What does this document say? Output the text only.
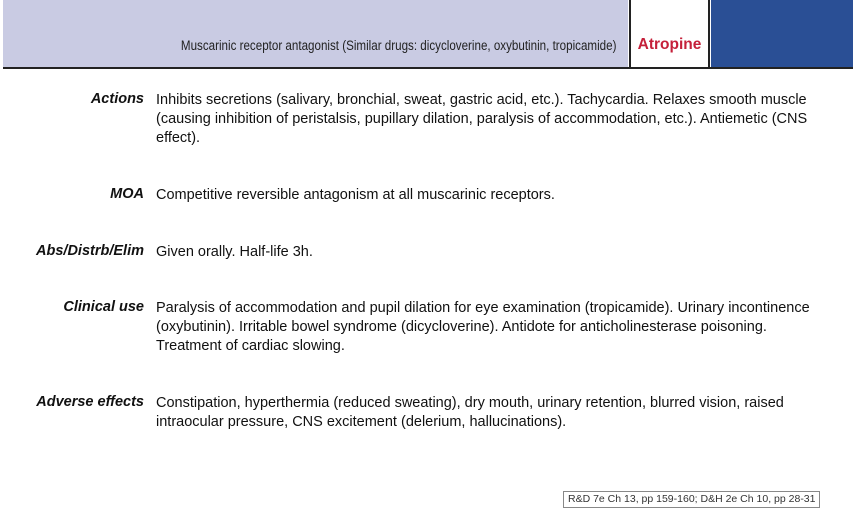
Muscarinic receptor antagonist (Similar drugs: dicycloverine, oxybutinin, tropicamide)	Atropine
Actions Inhibits secretions (salivary, bronchial, sweat, gastric acid, etc.). Tachycardia. Relaxes smooth muscle (causing inhibition of peristalsis, pupillary dilation, paralysis of accommodation, etc.). Antiemetic (CNS effect).
MOA Competitive reversible antagonism at all muscarinic receptors.
Abs/Distrb/Elim Given orally. Half-life 3h.
Clinical use Paralysis of accommodation and pupil dilation for eye examination (tropicamide). Urinary incontinence (oxybutinin). Irritable bowel syndrome (dicycloverine). Antidote for anticholinesterase poisoning. Treatment of cardiac slowing.
Adverse effects Constipation, hyperthermia (reduced sweating), dry mouth, urinary retention, blurred vision, raised intraocular pressure, CNS excitement (delerium, hallucinations).
R&D 7e Ch 13, pp 159-160; D&H 2e Ch 10, pp 28-31
